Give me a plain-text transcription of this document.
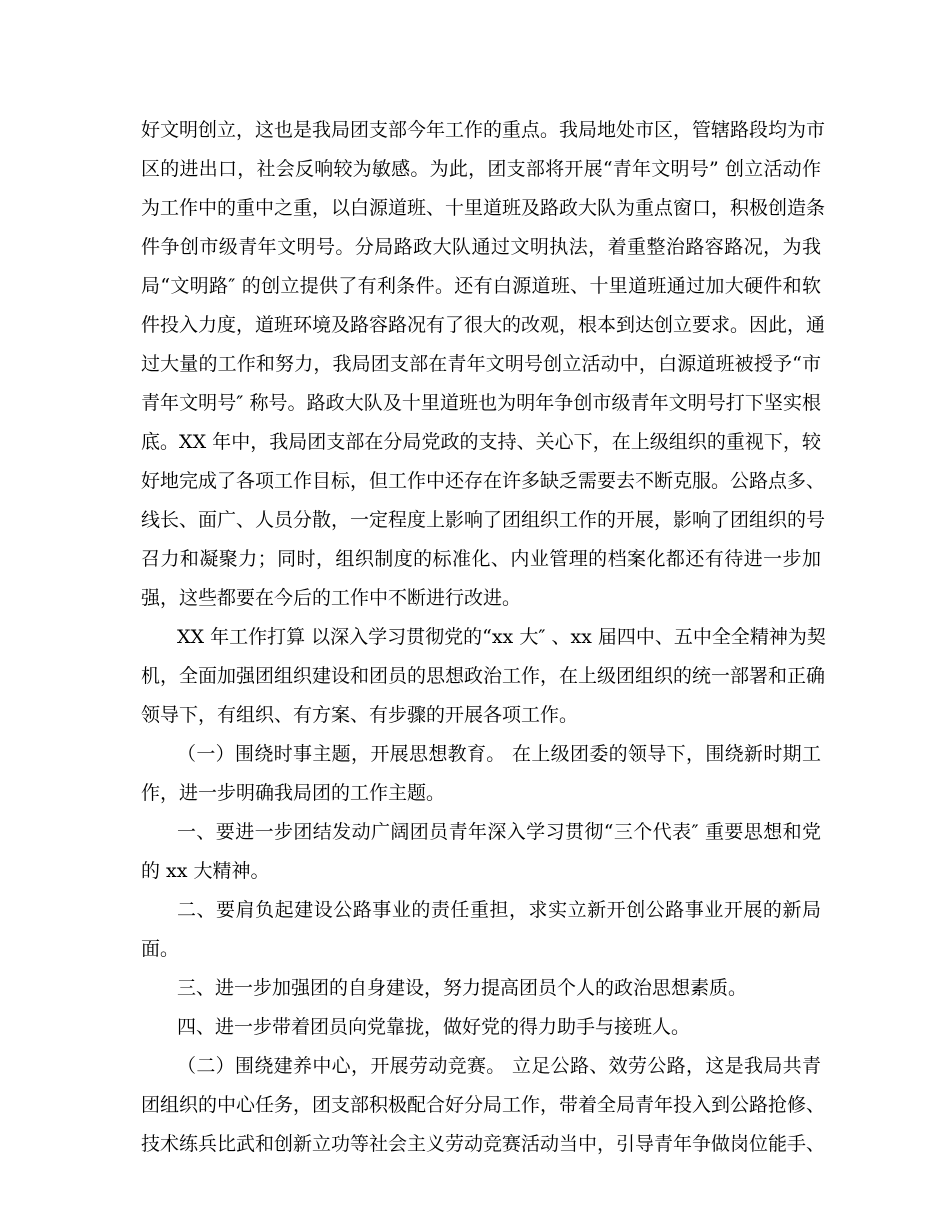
好文明创立，这也是我局团支部今年工作的重点。我局地处市区，管辖路段均为市
区的进出口，社会反响较为敏感。为此，团支部将开展“青年文明号” 创立活动作
为工作中的重中之重，以白源道班、十里道班及路政大队为重点窗口，积极创造条
件争创市级青年文明号。分局路政大队通过文明执法，着重整治路容路况，为我
局“文明路″ 的创立提供了有利条件。还有白源道班、十里道班通过加大硬件和软
件投入力度，道班环境及路容路况有了很大的改观，根本到达创立要求。因此，通
过大量的工作和努力，我局团支部在青年文明号创立活动中，白源道班被授予“市
青年文明号″ 称号。路政大队及十里道班也为明年争创市级青年文明号打下坚实根
底。XX 年中，我局团支部在分局党政的支持、关心下，在上级组织的重视下，较
好地完成了各项工作目标，但工作中还存在许多缺乏需要去不断克服。公路点多、
线长、面广、人员分散，一定程度上影响了团组织工作的开展，影响了团组织的号
召力和凝聚力；同时，组织制度的标准化、内业管理的档案化都还有待进一步加
强，这些都要在今后的工作中不断进行改进。
XX 年工作打算 以深入学习贯彻党的“xx 大″ 、xx 届四中、五中全全精神为契
机，全面加强团组织建设和团员的思想政治工作，在上级团组织的统一部署和正确
领导下，有组织、有方案、有步骤的开展各项工作。
（一）围绕时事主题，开展思想教育。 在上级团委的领导下，围绕新时期工
作，进一步明确我局团的工作主题。
一、要进一步团结发动广阔团员青年深入学习贯彻“三个代表″ 重要思想和党
的 xx 大精神。
二、要肩负起建设公路事业的责任重担，求实立新开创公路事业开展的新局
面。
三、进一步加强团的自身建设，努力提高团员个人的政治思想素质。
四、进一步带着团员向党靠拢，做好党的得力助手与接班人。
（二）围绕建养中心，开展劳动竞赛。 立足公路、效劳公路，这是我局共青
团组织的中心任务，团支部积极配合好分局工作，带着全局青年投入到公路抢修、
技术练兵比武和创新立功等社会主义劳动竞赛活动当中，引导青年争做岗位能手、
